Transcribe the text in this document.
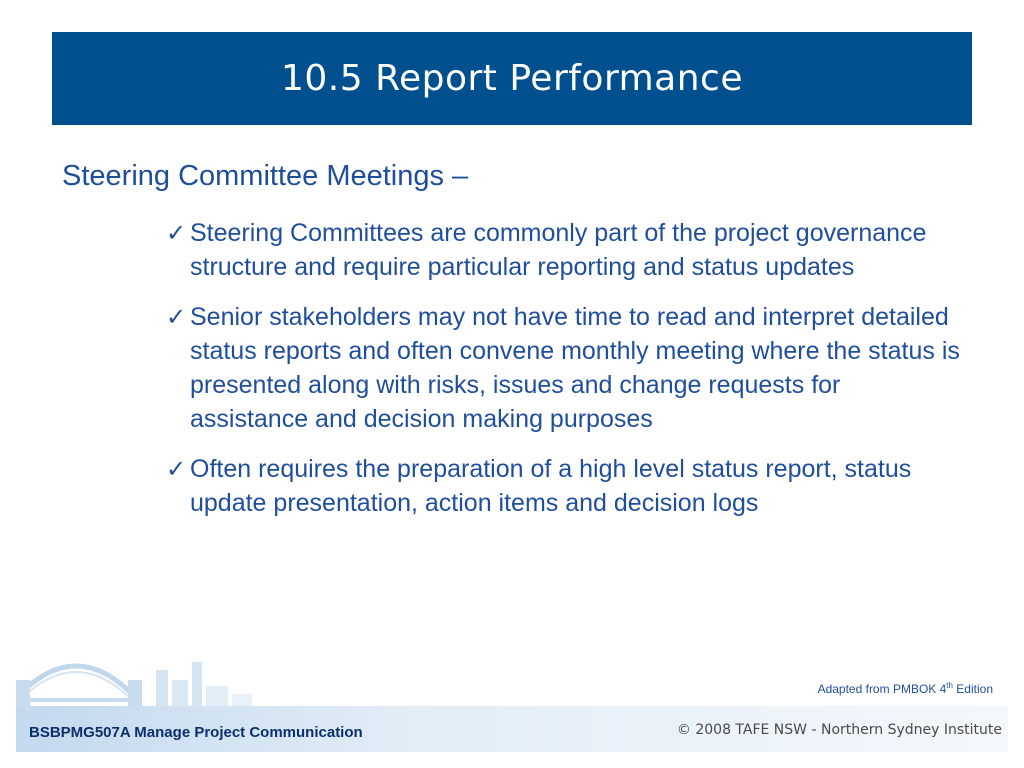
10.5 Report Performance

Steering Committee Meetings –

✓ Steering Committees are commonly part of the project governance structure and require particular reporting and status updates
✓ Senior stakeholders may not have time to read and interpret detailed status reports and often convene monthly meeting where the status is presented along with risks, issues and change requests for assistance and decision making purposes
✓ Often requires the preparation of a high level status report, status update presentation, action items and decision logs
Adapted from PMBOK 4th Edition
BSBPMG507A Manage Project Communication	© 2008 TAFE NSW - Northern Sydney Institute
